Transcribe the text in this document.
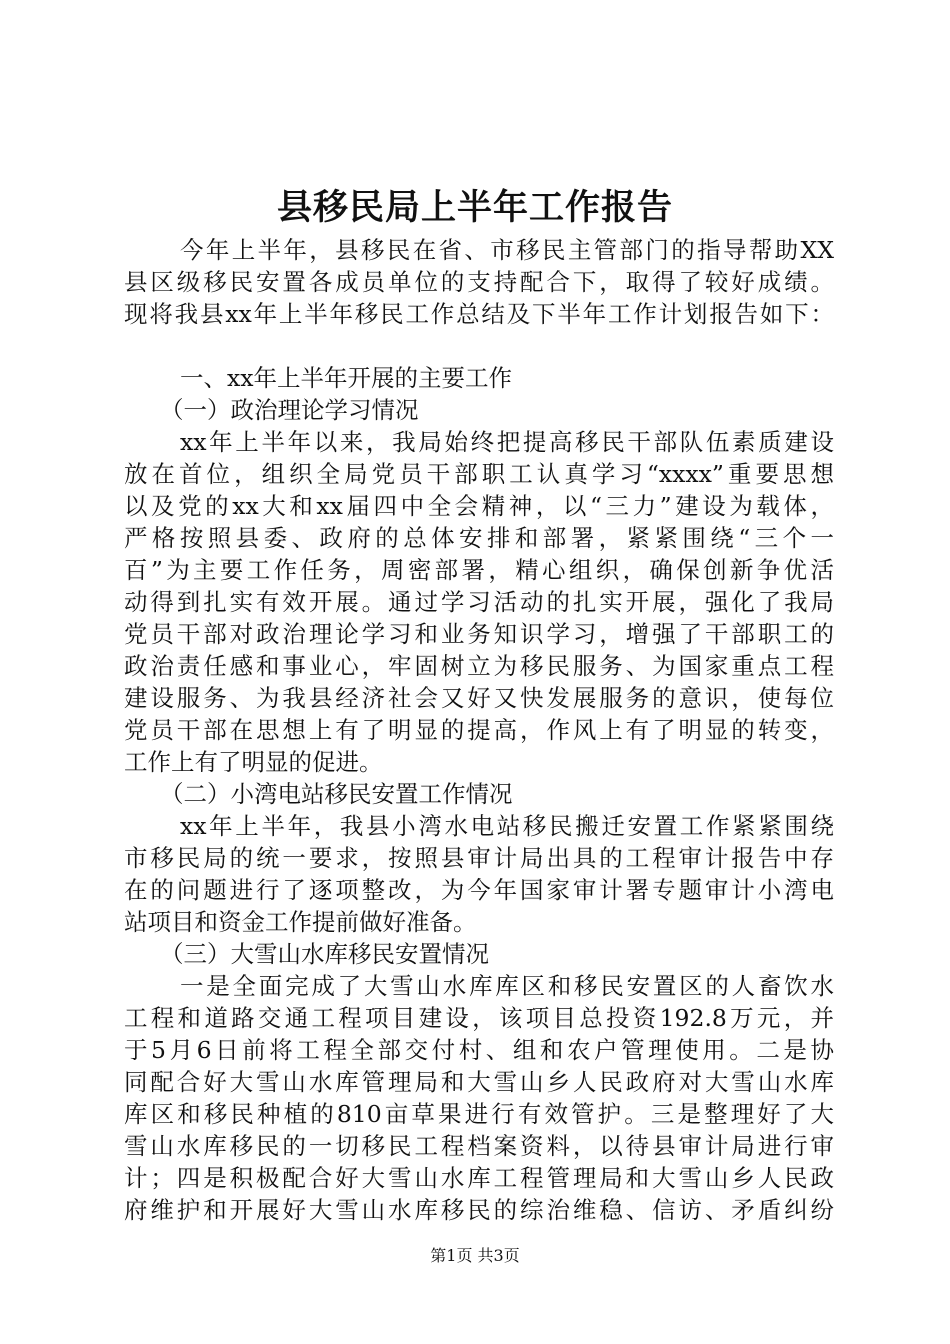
县移民局上半年工作报告
今年上半年，县移民在省、市移民主管部门的指导帮助XX
县区级移民安置各成员单位的支持配合下，取得了较好成绩。
现将我县xx年上半年移民工作总结及下半年工作计划报告如下：
一、xx年上半年开展的主要工作
（一）政治理论学习情况
xx年上半年以来，我局始终把提高移民干部队伍素质建设
放在首位，组织全局党员干部职工认真学习“xxxx”重要思想
以及党的xx大和xx届四中全会精神，以“三力”建设为载体，
严格按照县委、政府的总体安排和部署，紧紧围绕“三个一
百”为主要工作任务，周密部署，精心组织，确保创新争优活
动得到扎实有效开展。通过学习活动的扎实开展，强化了我局
党员干部对政治理论学习和业务知识学习，增强了干部职工的
政治责任感和事业心，牢固树立为移民服务、为国家重点工程
建设服务、为我县经济社会又好又快发展服务的意识，使每位
党员干部在思想上有了明显的提高，作风上有了明显的转变，
工作上有了明显的促进。
（二）小湾电站移民安置工作情况
xx年上半年，我县小湾水电站移民搬迁安置工作紧紧围绕
市移民局的统一要求，按照县审计局出具的工程审计报告中存
在的问题进行了逐项整改，为今年国家审计署专题审计小湾电
站项目和资金工作提前做好准备。
（三）大雪山水库移民安置情况
一是全面完成了大雪山水库库区和移民安置区的人畜饮水
工程和道路交通工程项目建设，该项目总投资192.8万元，并
于5月6日前将工程全部交付村、组和农户管理使用。二是协
同配合好大雪山水库管理局和大雪山乡人民政府对大雪山水库
库区和移民种植的810亩草果进行有效管护。三是整理好了大
雪山水库移民的一切移民工程档案资料，以待县审计局进行审
计；四是积极配合好大雪山水库工程管理局和大雪山乡人民政
府维护和开展好大雪山水库移民的综治维稳、信访、矛盾纠纷
第1页 共3页
